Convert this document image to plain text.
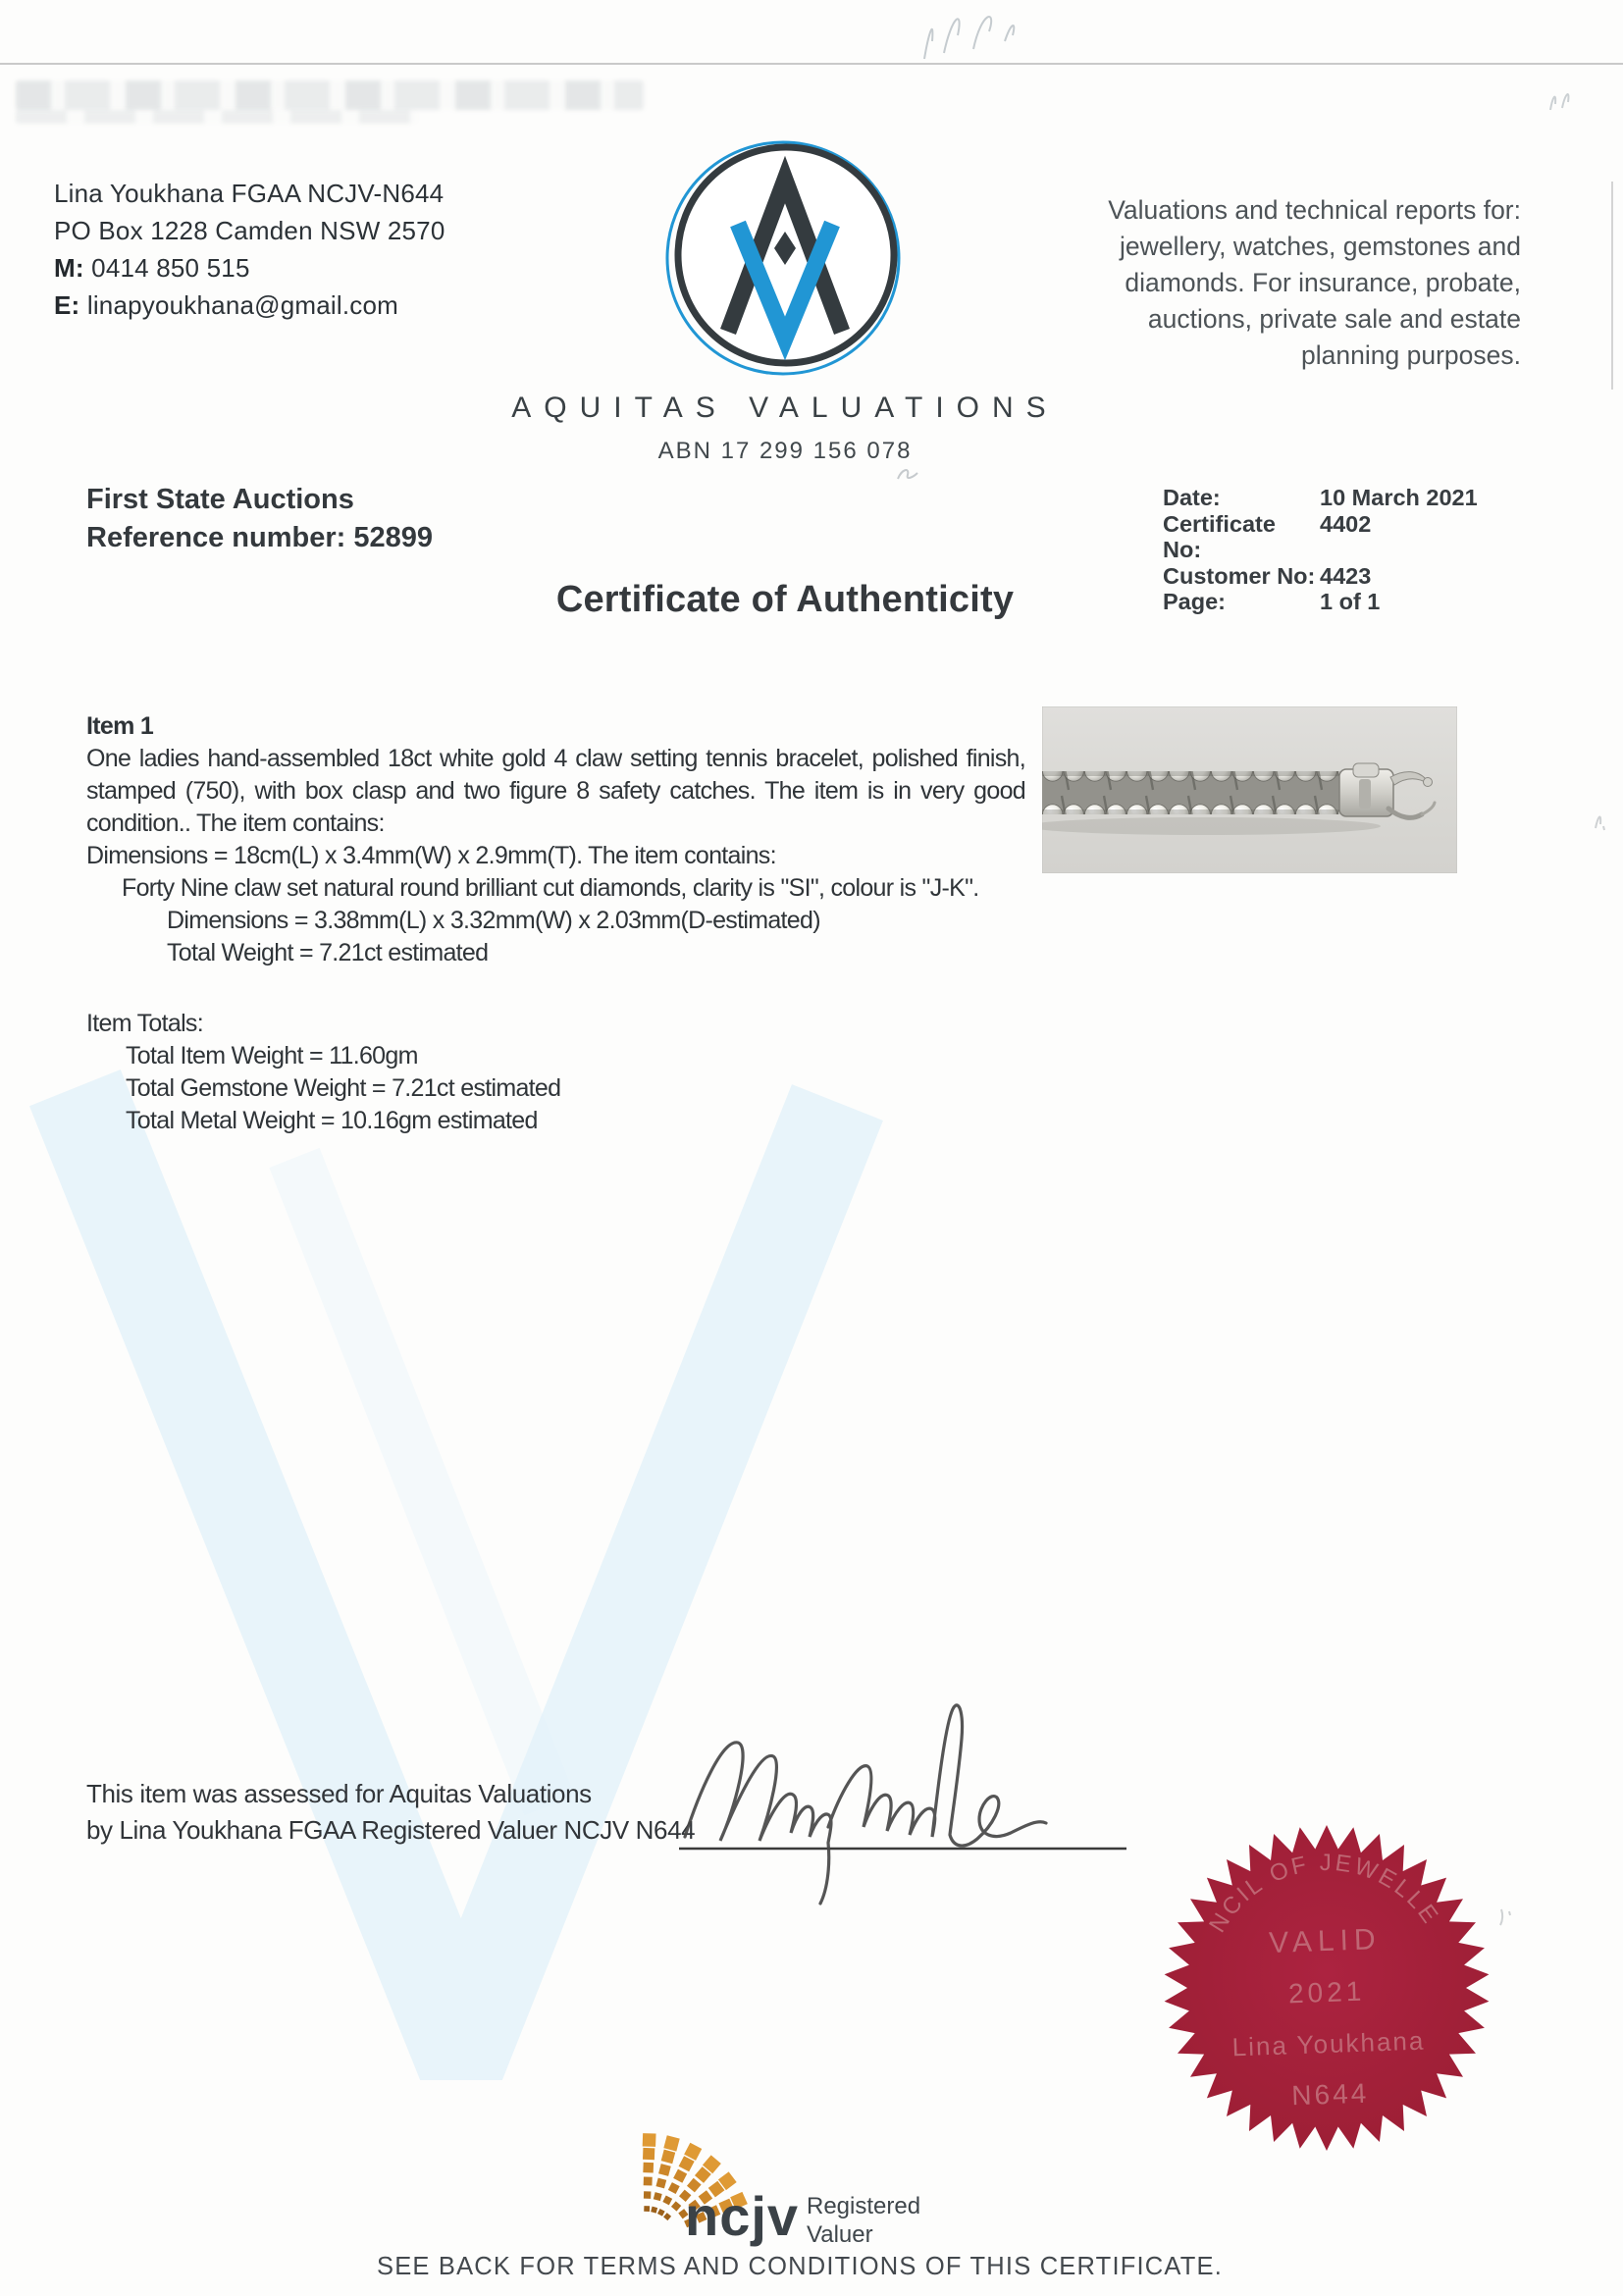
Lina Youkhana FGAA NCJV-N644
PO Box 1228 Camden NSW 2570
M: 0414 850 515
E: linapyoukhana@gmail.com
AQUITAS VALUATIONS
ABN 17 299 156 078
Valuations and technical reports for:
jewellery, watches, gemstones and
diamonds. For insurance, probate,
auctions, private sale and estate
planning purposes.
First State Auctions
Reference number: 52899
Date:	10 March 2021
Certificate No:
4402
Customer No: 4423
Page:	1 of 1
Certificate of Authenticity
Item 1

One ladies hand-assembled 18ct white gold 4 claw setting tennis bracelet, polished finish, stamped (750), with box clasp and two figure 8 safety catches. The item is in very good condition.. The item contains:

Dimensions = 18cm(L) x 3.4mm(W) x 2.9mm(T). The item contains:

Forty Nine claw set natural round brilliant cut diamonds, clarity is "SI", colour is "J-K".

Dimensions = 3.38mm(L) x 3.32mm(W) x 2.03mm(D-estimated)
Total Weight = 7.21ct estimated
Item Totals:
Total Item Weight = 11.60gm
Total Gemstone Weight = 7.21ct estimated
Total Metal Weight = 10.16gm estimated
This item was assessed for Aquitas Valuations
by Lina Youkhana FGAA Registered Valuer NCJV N644
NCIL OF JEWELLE
VALID
2021
Lina Youkhana
N644
ncjv Registered
Valuer
SEE BACK FOR TERMS AND CONDITIONS OF THIS CERTIFICATE.
